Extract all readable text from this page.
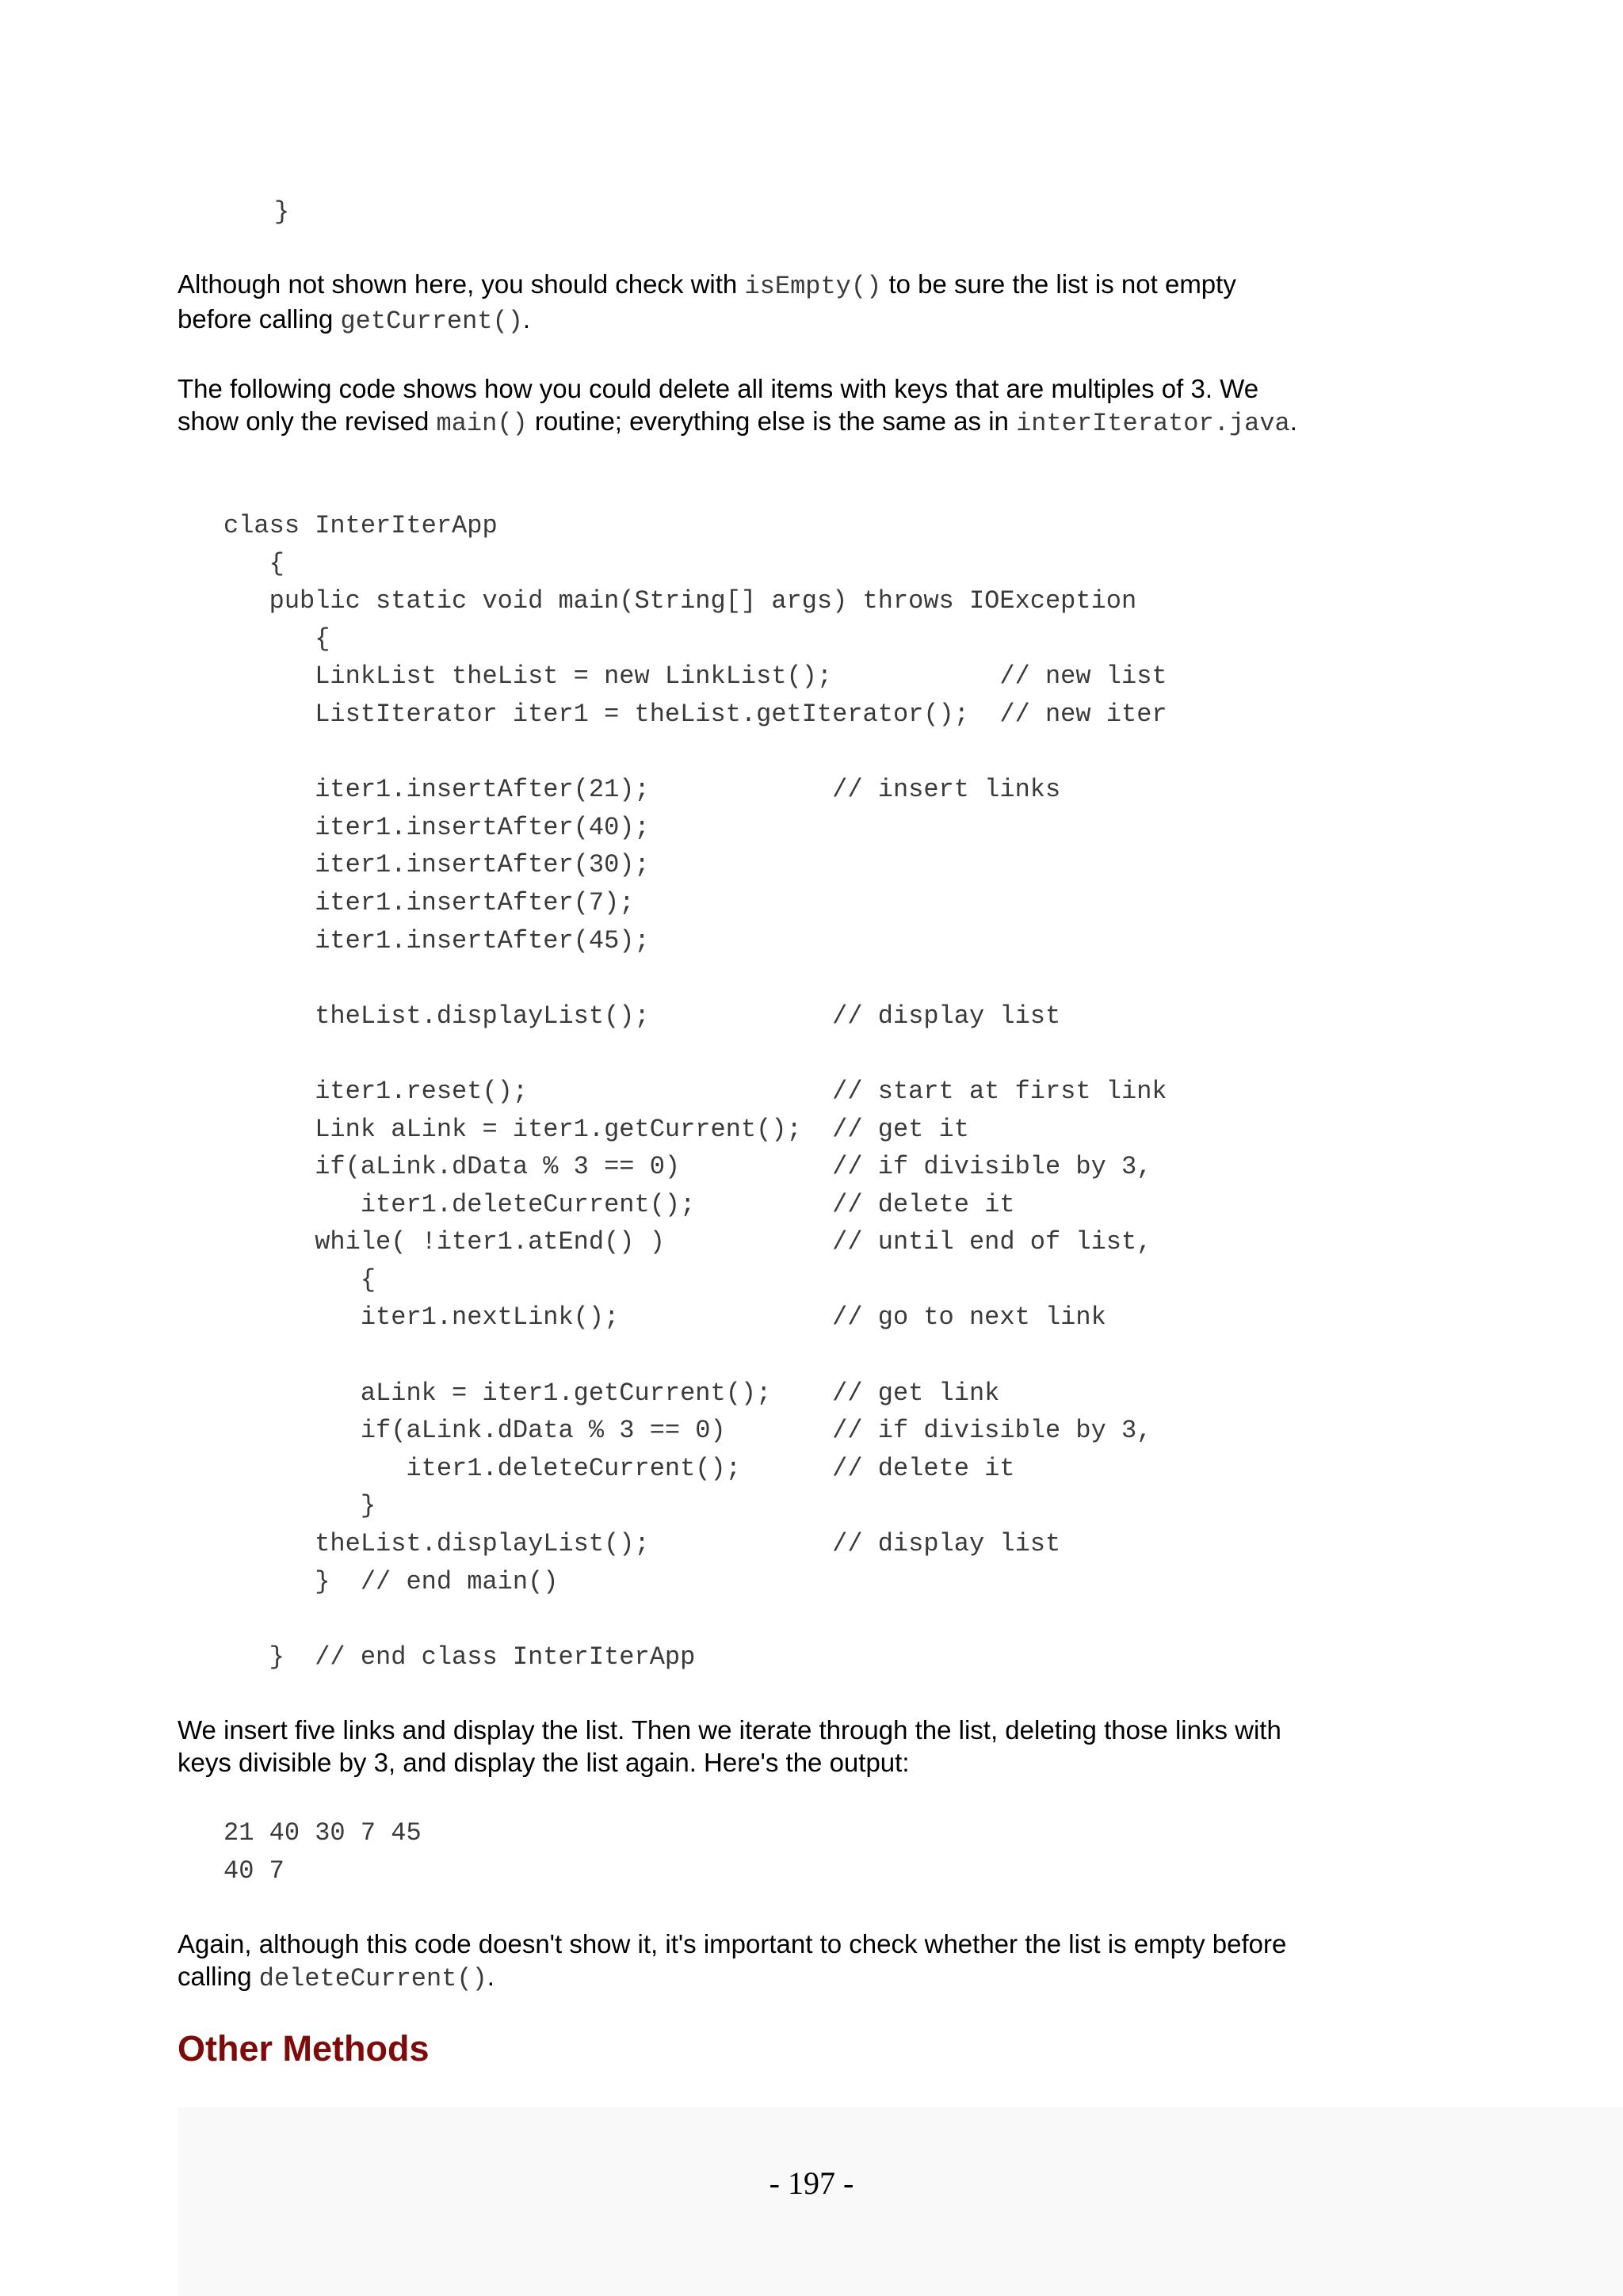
}

Although not shown here, you should check with isEmpty() to be sure the list is not empty before calling getCurrent().

The following code shows how you could delete all items with keys that are multiples of 3. We show only the revised main() routine; everything else is the same as in interIterator.java.

class InterIterApp
{
public static void main(String[] args) throws IOException
{
LinkList theList = new LinkList();           // new list
ListIterator iter1 = theList.getIterator();  // new iter

iter1.insertAfter(21);            // insert links
iter1.insertAfter(40);
iter1.insertAfter(30);
iter1.insertAfter(7);
iter1.insertAfter(45);

theList.displayList();            // display list

iter1.reset();                    // start at first link
Link aLink = iter1.getCurrent();  // get it
if(aLink.dData % 3 == 0)          // if divisible by 3,
iter1.deleteCurrent();         // delete it
while( !iter1.atEnd() )           // until end of list,
{
iter1.nextLink();              // go to next link

aLink = iter1.getCurrent();    // get link
if(aLink.dData % 3 == 0)       // if divisible by 3,
iter1.deleteCurrent();      // delete it
}
theList.displayList();            // display list
}  // end main()

}  // end class InterIterApp

We insert five links and display the list. Then we iterate through the list, deleting those links with keys divisible by 3, and display the list again. Here's the output:

21 40 30 7 45
40 7

Again, although this code doesn't show it, it's important to check whether the list is empty before calling deleteCurrent().

Other Methods
- 197 -
